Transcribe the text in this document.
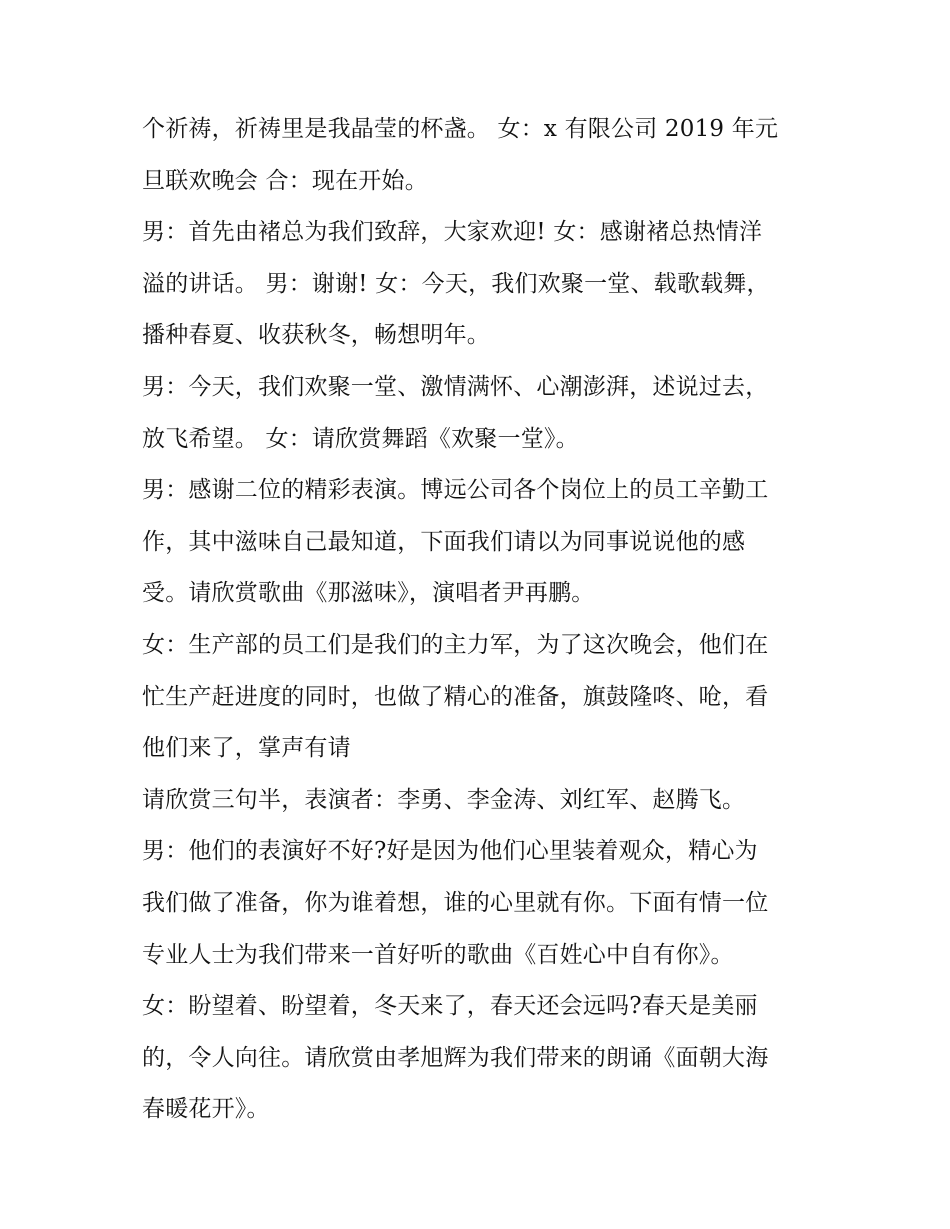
个祈祷，祈祷里是我晶莹的杯盏。 女：x 有限公司 2019 年元
旦联欢晚会 合：现在开始。
男：首先由褚总为我们致辞，大家欢迎! 女：感谢褚总热情洋
溢的讲话。 男：谢谢! 女：今天，我们欢聚一堂、载歌载舞，
播种春夏、收获秋冬，畅想明年。
男：今天，我们欢聚一堂、激情满怀、心潮澎湃，述说过去，
放飞希望。 女：请欣赏舞蹈《欢聚一堂》。
男：感谢二位的精彩表演。博远公司各个岗位上的员工辛勤工
作，其中滋味自己最知道，下面我们请以为同事说说他的感
受。请欣赏歌曲《那滋味》，演唱者尹再鹏。
女：生产部的员工们是我们的主力军，为了这次晚会，他们在
忙生产赶进度的同时，也做了精心的准备，旗鼓隆咚、呛，看
他们来了，掌声有请
请欣赏三句半，表演者：李勇、李金涛、刘红军、赵腾飞。
男：他们的表演好不好?好是因为他们心里装着观众，精心为
我们做了准备，你为谁着想，谁的心里就有你。下面有情一位
专业人士为我们带来一首好听的歌曲《百姓心中自有你》。
女：盼望着、盼望着，冬天来了，春天还会远吗?春天是美丽
的，令人向往。请欣赏由孝旭辉为我们带来的朗诵《面朝大海
春暖花开》。
